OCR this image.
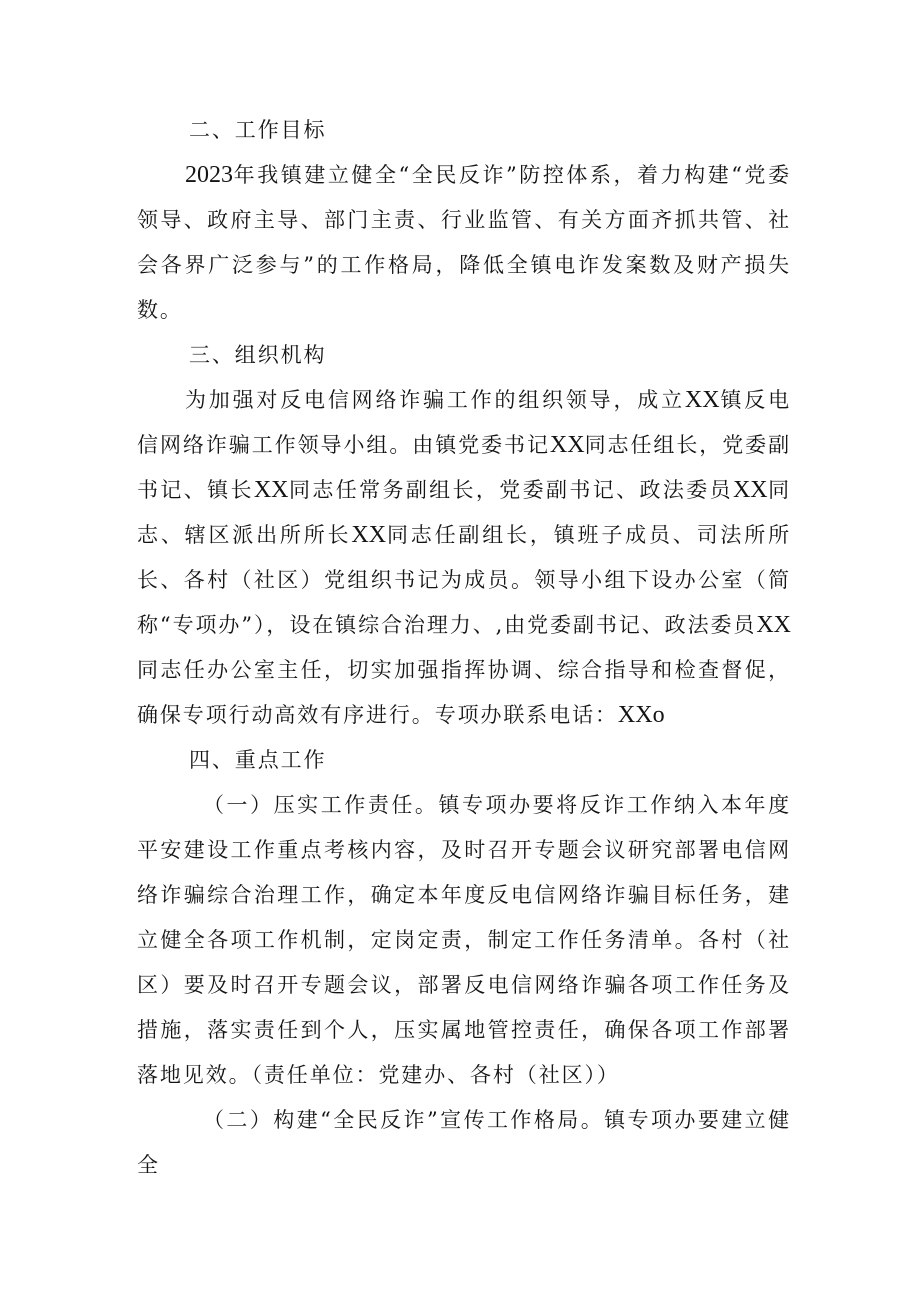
二、工作目标

2023年我镇建立健全“全民反诈”防控体系，着力构建“党委领导、政府主导、部门主责、行业监管、有关方面齐抓共管、社会各界广泛参与”的工作格局，降低全镇电诈发案数及财产损失数。

三、组织机构

为加强对反电信网络诈骗工作的组织领导，成立XX镇反电信网络诈骗工作领导小组。由镇党委书记XX同志任组长，党委副书记、镇长XX同志任常务副组长，党委副书记、政法委员XX同志、辖区派出所所长XX同志任副组长，镇班子成员、司法所所长、各村（社区）党组织书记为成员。领导小组下设办公室（简称“专项办”），设在镇综合治理力、,由党委副书记、政法委员XX同志任办公室主任，切实加强指挥协调、综合指导和检查督促，确保专项行动高效有序进行。专项办联系电话：XXo

四、重点工作

（一）压实工作责任。镇专项办要将反诈工作纳入本年度平安建设工作重点考核内容，及时召开专题会议研究部署电信网络诈骗综合治理工作，确定本年度反电信网络诈骗目标任务，建立健全各项工作机制，定岗定责，制定工作任务清单。各村（社区）要及时召开专题会议，部署反电信网络诈骗各项工作任务及措施，落实责任到个人，压实属地管控责任，确保各项工作部署落地见效。（责任单位：党建办、各村（社区））

（二）构建“全民反诈”宣传工作格局。镇专项办要建立健全
